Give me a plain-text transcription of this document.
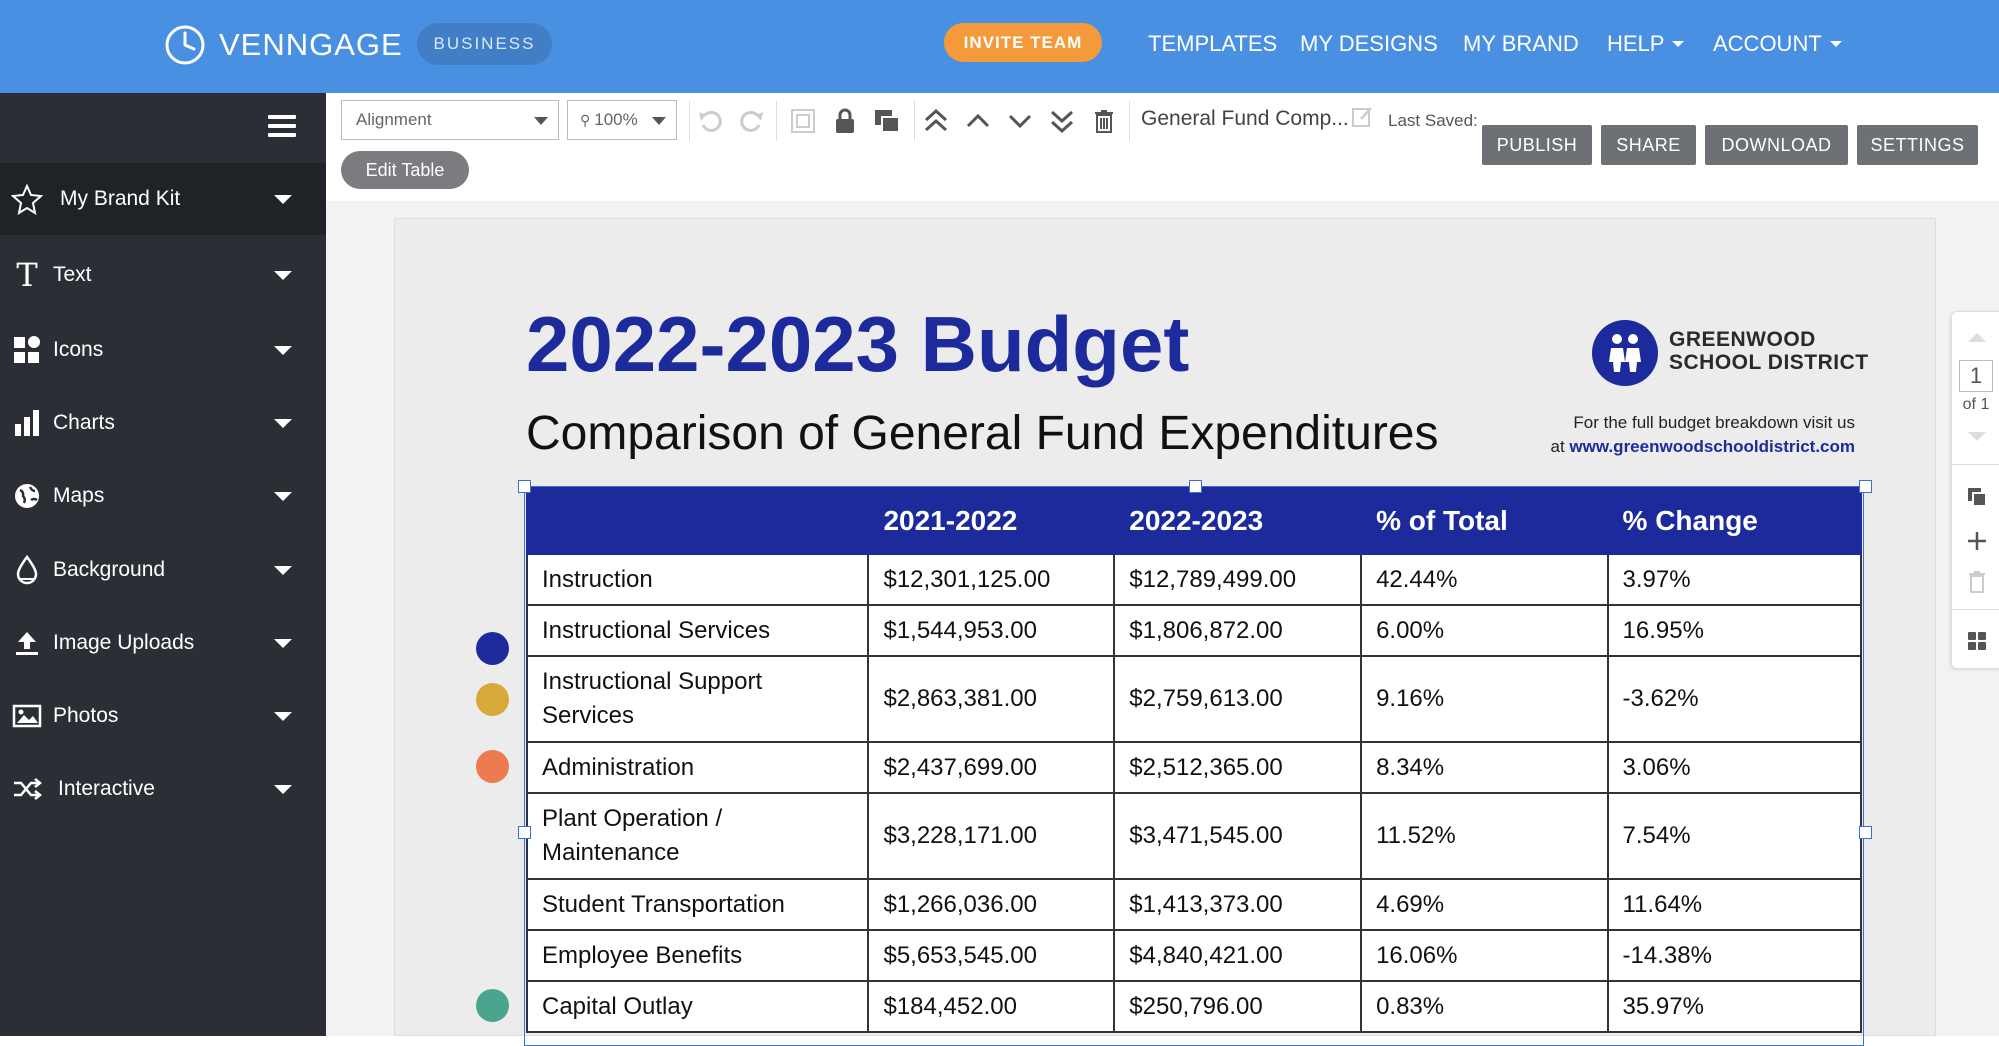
VENNGAGE	BUSINESS	INVITE TEAM	TEMPLATES MY DESIGNS MY BRAND HELP ACCOUNT
My Brand Kit
T Text
Icons
Charts
Maps
Background
Image Uploads
Photos
Interactive
Alignment	⚲ 100%	General Fund Comp... Last Saved:
PUBLISH	SHARE	DOWNLOAD	SETTINGS
Edit Table
2022-2023 Budget
Comparison of General Fund Expenditures
GREENWOOD
SCHOOL DISTRICT
For the full budget breakdown visit us
at www.greenwoodschooldistrict.com
	2021-2022	2022-2023	% of Total	% Change
Instruction	$12,301,125.00	$12,789,499.00	42.44%	3.97%
Instructional Services	$1,544,953.00	$1,806,872.00	6.00%	16.95%
Instructional Support Services	$2,863,381.00	$2,759,613.00	9.16%	-3.62%
Administration	$2,437,699.00	$2,512,365.00	8.34%	3.06%
Plant Operation / Maintenance	$3,228,171.00	$3,471,545.00	11.52%	7.54%
Student Transportation	$1,266,036.00	$1,413,373.00	4.69%	11.64%
Employee Benefits	$5,653,545.00	$4,840,421.00	16.06%	-14.38%
Capital Outlay	$184,452.00	$250,796.00	0.83%	35.97%
1
of 1
